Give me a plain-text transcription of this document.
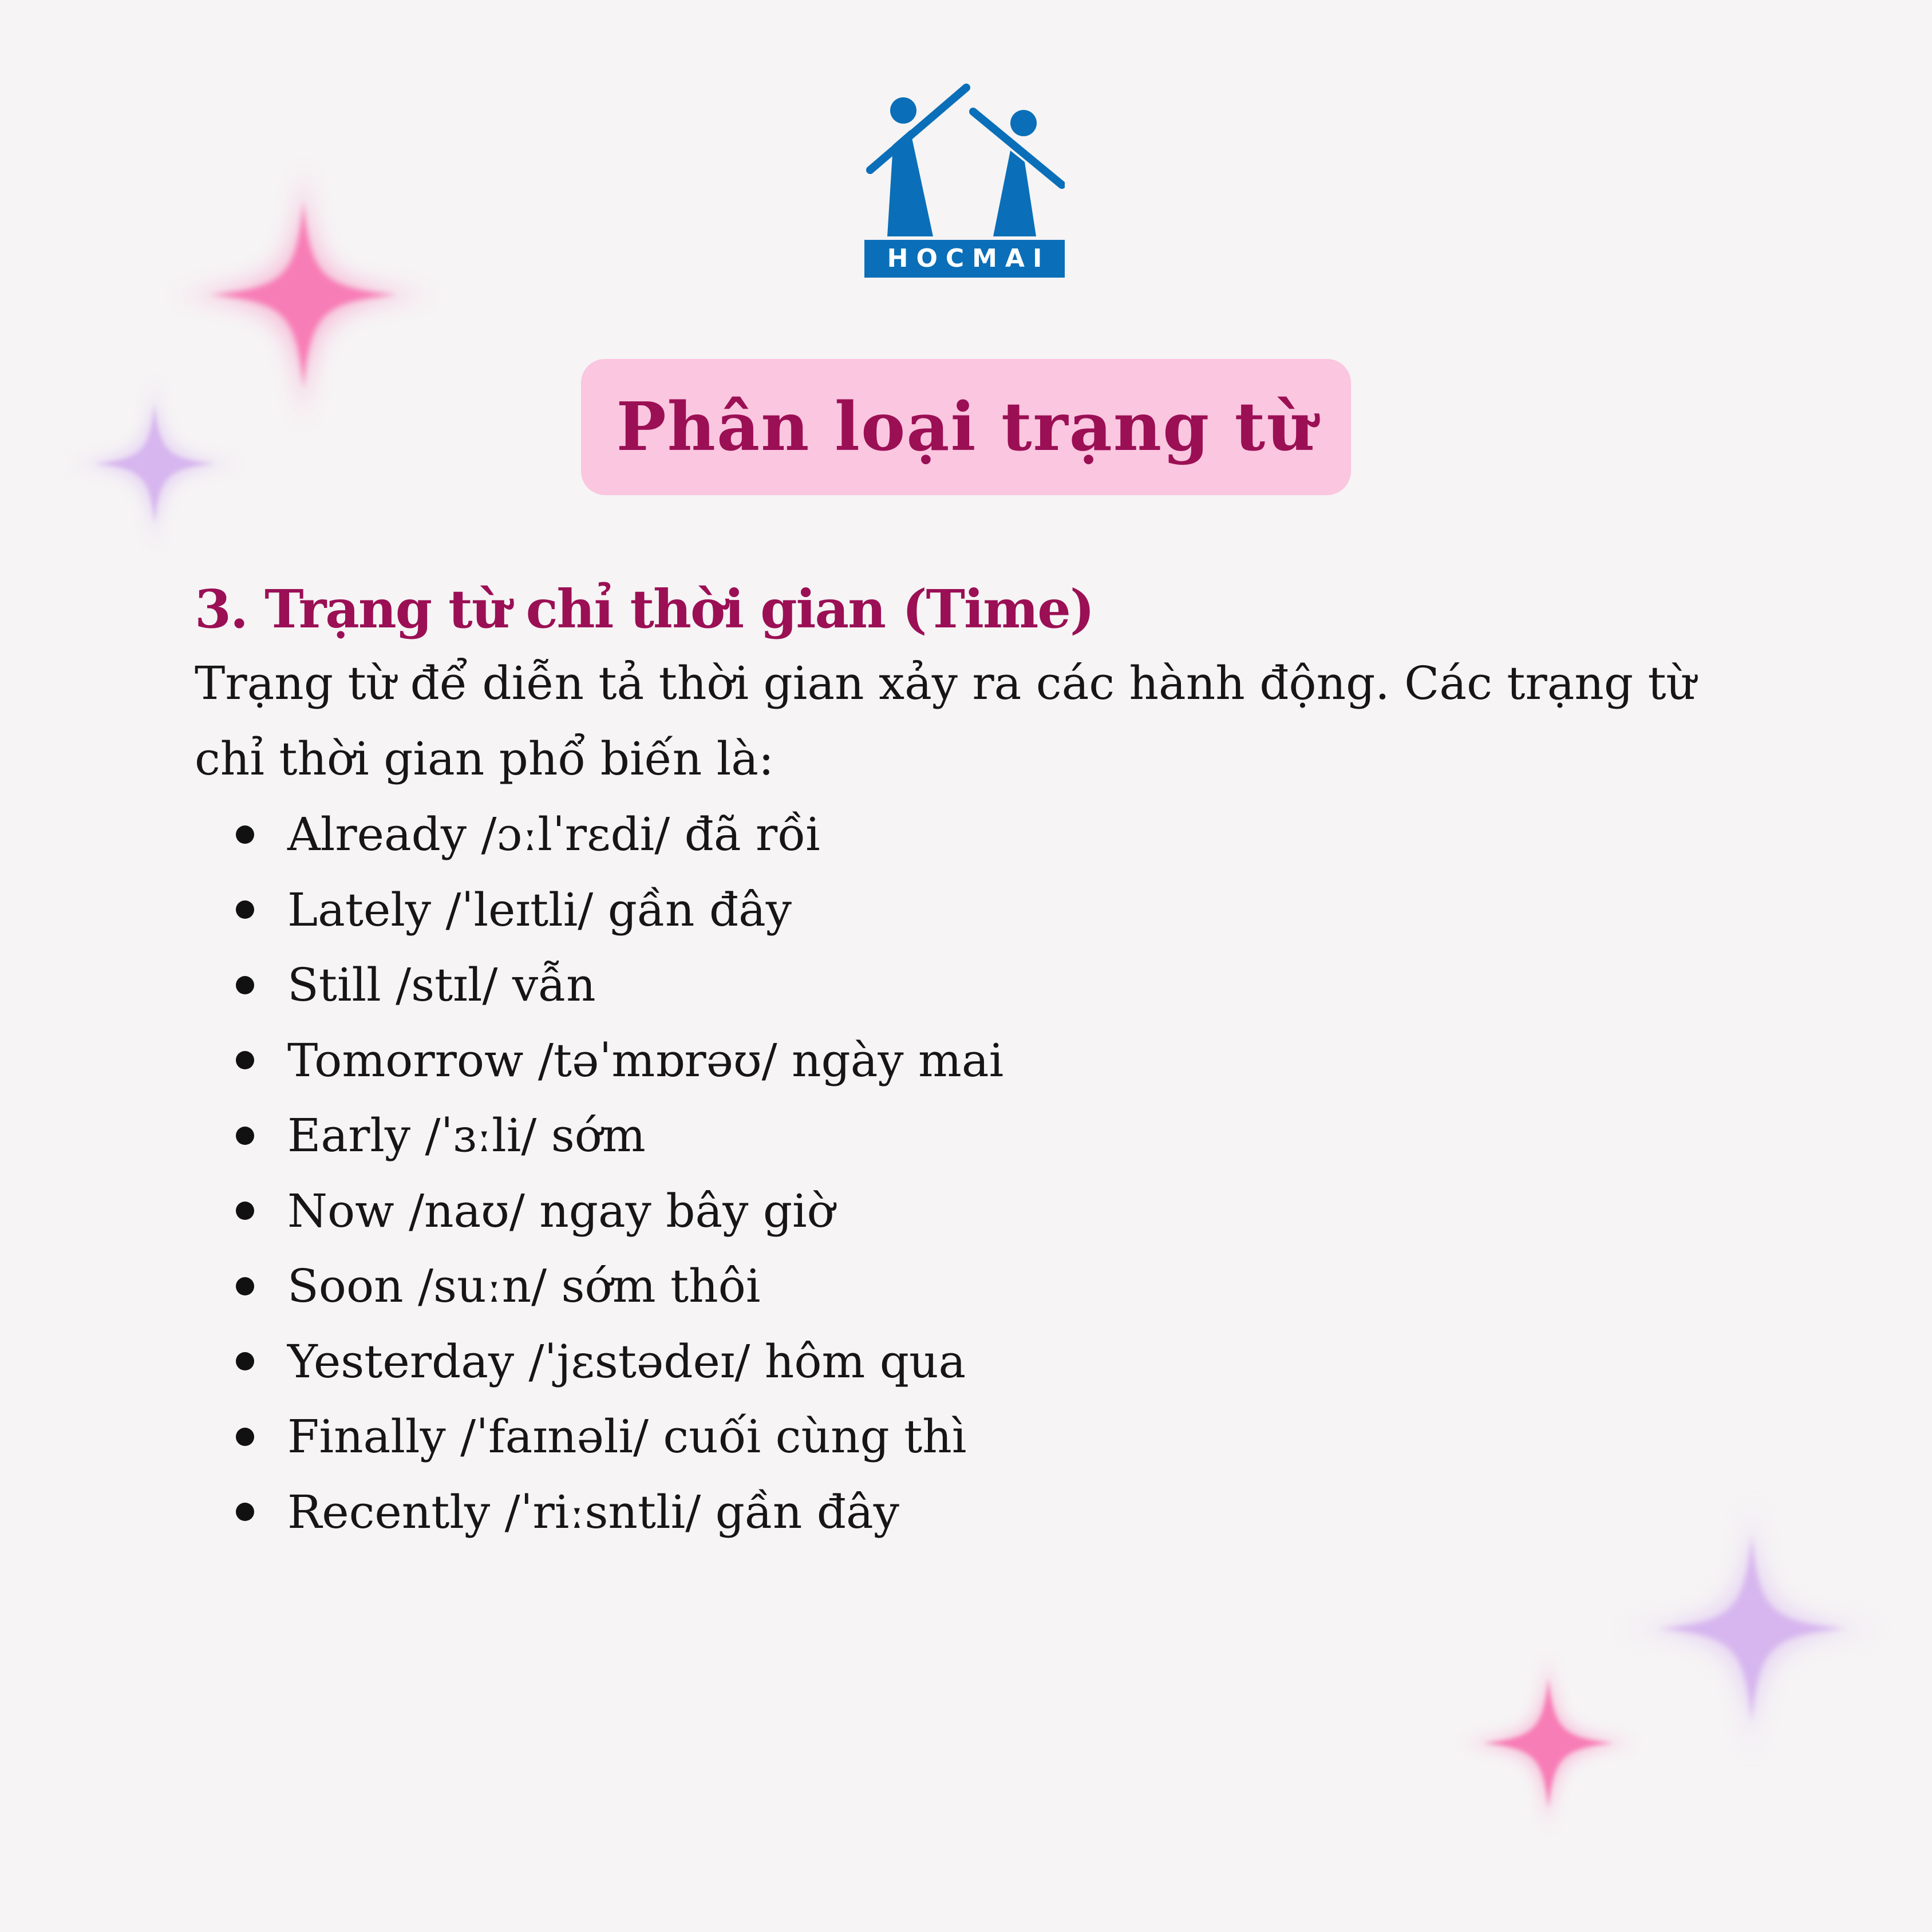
HOCMAI
Phân loại trạng từ
3. Trạng từ chỉ thời gian (Time)

Trạng từ để diễn tả thời gian xảy ra các hành động. Các trạng từ chỉ thời gian phổ biến là:

Already /ɔːlˈrɛdi/ đã rồi
Lately /ˈleɪtli/ gần đây
Still /stɪl/ vẫn
Tomorrow /təˈmɒrəʊ/ ngày mai
Early /ˈɜːli/ sớm
Now /naʊ/ ngay bây giờ
Soon /suːn/ sớm thôi
Yesterday /ˈjɛstədeɪ/ hôm qua
Finally /ˈfaɪnəli/ cuối cùng thì
Recently /ˈriːsntli/ gần đây
